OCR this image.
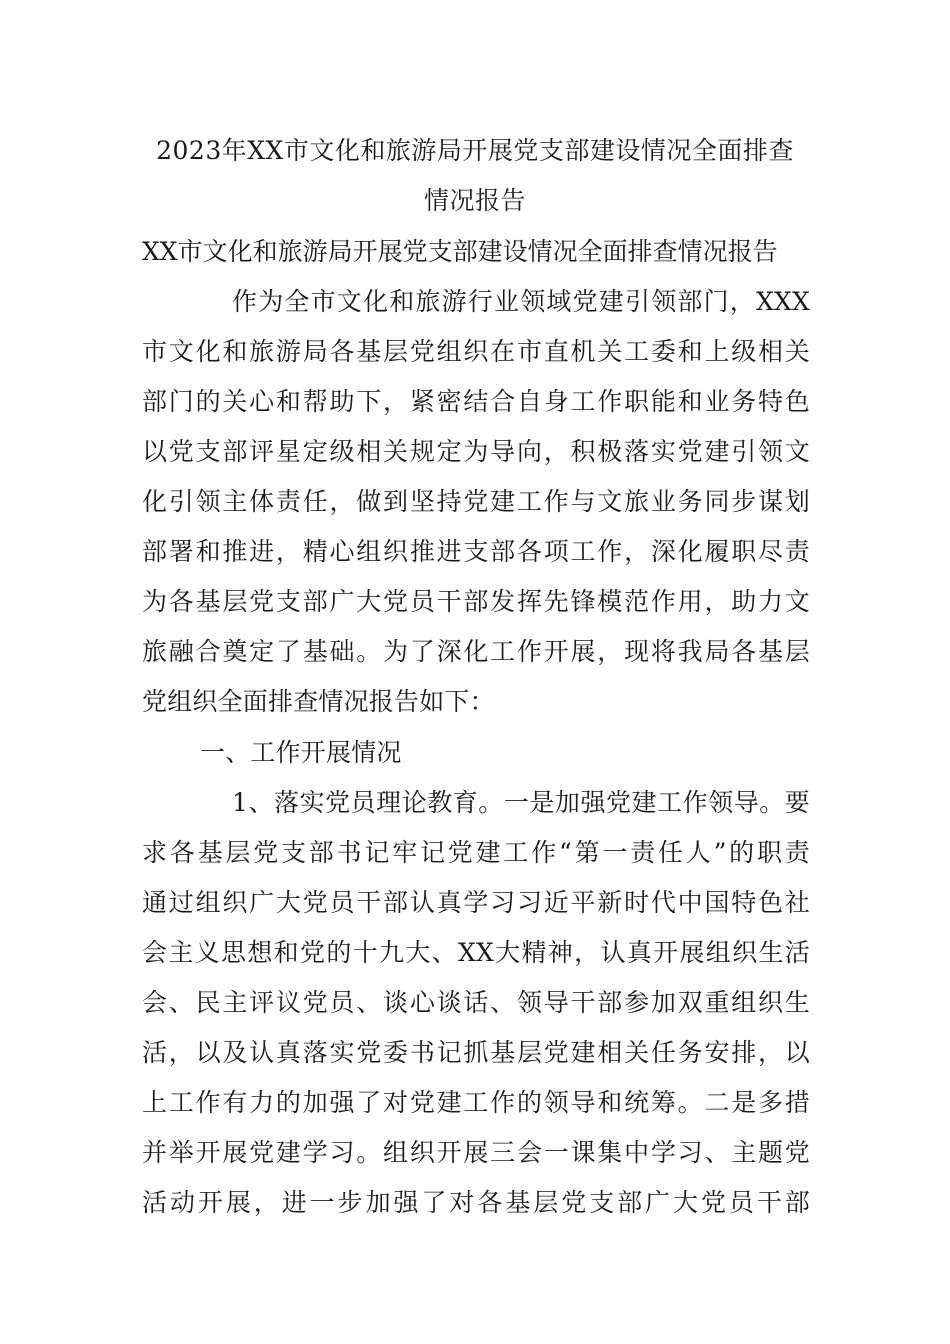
2023年XX市文化和旅游局开展党支部建设情况全面排查
情况报告
XX市文化和旅游局开展党支部建设情况全面排查情况报告
作为全市文化和旅游行业领域党建引领部门，XXX
市文化和旅游局各基层党组织在市直机关工委和上级相关
部门的关心和帮助下，紧密结合自身工作职能和业务特色
以党支部评星定级相关规定为导向，积极落实党建引领文
化引领主体责任，做到坚持党建工作与文旅业务同步谋划
部署和推进，精心组织推进支部各项工作，深化履职尽责
为各基层党支部广大党员干部发挥先锋模范作用，助力文
旅融合奠定了基础。为了深化工作开展，现将我局各基层
党组织全面排查情况报告如下：
一、工作开展情况
1、落实党员理论教育。一是加强党建工作领导。要
求各基层党支部书记牢记党建工作“第一责任人”的职责
通过组织广大党员干部认真学习习近平新时代中国特色社
会主义思想和党的十九大、XX大精神，认真开展组织生活
会、民主评议党员、谈心谈话、领导干部参加双重组织生
活，以及认真落实党委书记抓基层党建相关任务安排，以
上工作有力的加强了对党建工作的领导和统筹。二是多措
并举开展党建学习。组织开展三会一课集中学习、主题党
活动开展，进一步加强了对各基层党支部广大党员干部
